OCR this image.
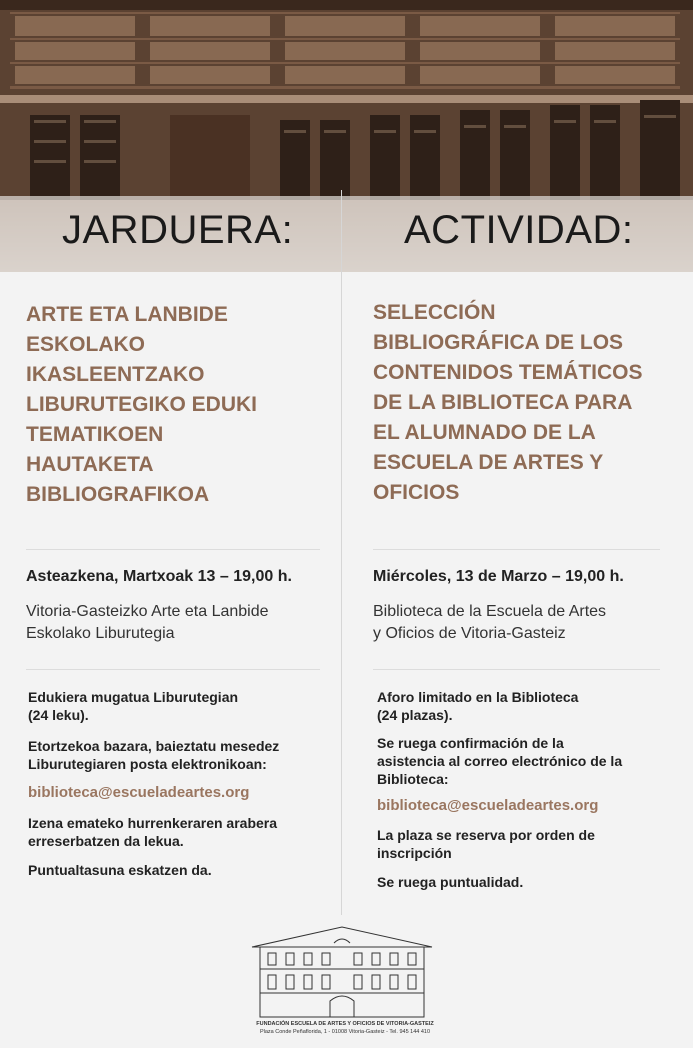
JARDUERA:	ACTIVIDAD:
ARTE ETA LANBIDE
ESKOLAKO
IKASLEENTZAKO
LIBURUTEGIKO EDUKI
TEMATIKOEN
HAUTAKETA
BIBLIOGRAFIKOA
Asteazkena, Martxoak 13 – 19,00 h.
Vitoria-Gasteizko Arte eta Lanbide
Eskolako Liburutegia
Edukiera mugatua Liburutegian
(24 leku).
Etortzekoa bazara, baieztatu mesedez
Liburutegiaren posta elektronikoan:
biblioteca@escueladeartes.org
Izena emateko hurrenkeraren arabera
erreserbatzen da lekua.
Puntualtasuna eskatzen da.
SELECCIÓN
BIBLIOGRÁFICA DE LOS
CONTENIDOS TEMÁTICOS
DE LA BIBLIOTECA PARA
EL ALUMNADO DE LA
ESCUELA DE ARTES Y
OFICIOS
Miércoles, 13 de Marzo – 19,00 h.
Biblioteca de la Escuela de Artes
y Oficios de Vitoria-Gasteiz
Aforo limitado en la Biblioteca
(24 plazas).
Se ruega confirmación de la
asistencia al correo electrónico de la
Biblioteca:
biblioteca@escueladeartes.org
La plaza se reserva por orden de
inscripción
Se ruega puntualidad.
FUNDACIÓN ESCUELA DE ARTES Y OFICIOS DE VITORIA-GASTEIZ
Plaza Conde Peñaflorida, 1 - 01008 Vitoria-Gasteiz - Tel. 945 144 410
